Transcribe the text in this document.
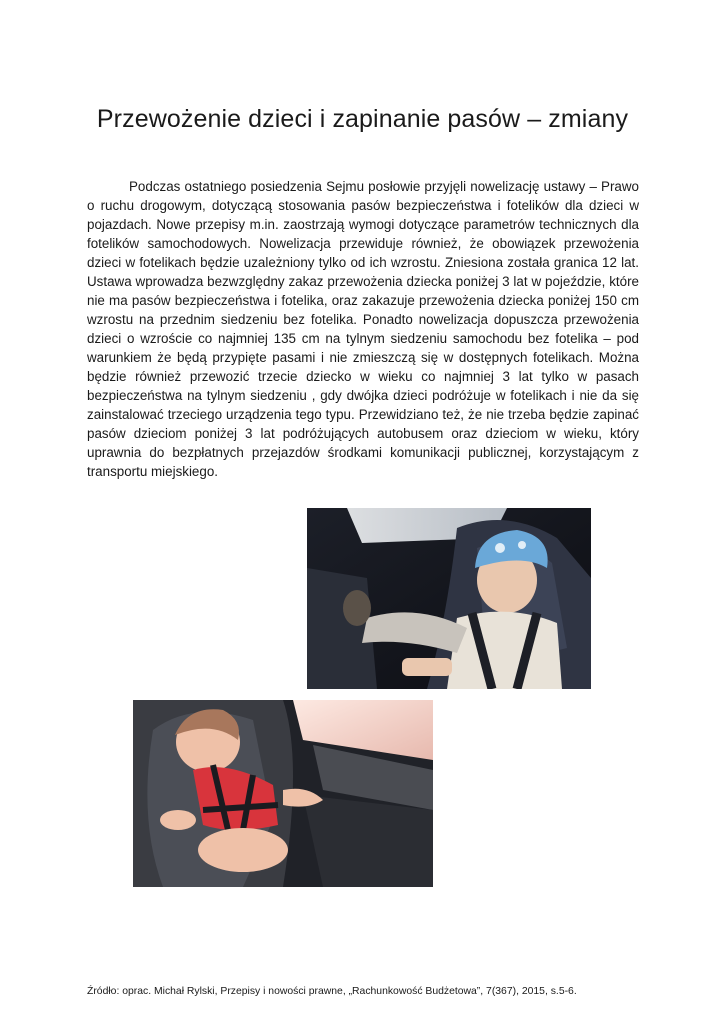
Przewożenie dzieci i zapinanie pasów – zmiany

Podczas ostatniego posiedzenia Sejmu posłowie przyjęli nowelizację ustawy – Prawo o ruchu drogowym, dotyczącą stosowania pasów bezpieczeństwa i fotelików dla dzieci w pojazdach. Nowe przepisy m.in. zaostrzają wymogi dotyczące parametrów technicznych dla fotelików samochodowych. Nowelizacja przewiduje również, że obowiązek przewożenia dzieci w fotelikach będzie uzależniony tylko od ich wzrostu. Zniesiona została granica 12 lat. Ustawa wprowadza bezwzględny zakaz przewożenia dziecka poniżej 3 lat w pojeździe, które nie ma pasów bezpieczeństwa i fotelika, oraz zakazuje przewożenia dziecka poniżej 150 cm wzrostu na przednim siedzeniu bez fotelika. Ponadto nowelizacja dopuszcza przewożenia dzieci o wzroście co najmniej 135 cm na tylnym siedzeniu samochodu bez fotelika – pod warunkiem że będą przypięte pasami i nie zmieszczą się w dostępnych fotelikach. Można będzie również przewozić trzecie dziecko w wieku co najmniej 3 lat tylko w pasach bezpieczeństwa na tylnym siedzeniu , gdy dwójka dzieci podróżuje w fotelikach i nie da się zainstalować trzeciego urządzenia tego typu. Przewidziano też, że nie trzeba będzie zapinać pasów dzieciom poniżej 3 lat podróżujących autobusem oraz dzieciom w wieku, który uprawnia do bezpłatnych przejazdów środkami komunikacji publicznej, korzystającym z transportu miejskiego.

Źródło: oprac. Michał Rylski, Przepisy i nowości prawne, „Rachunkowość Budżetowa”, 7(367), 2015, s.5-6.
